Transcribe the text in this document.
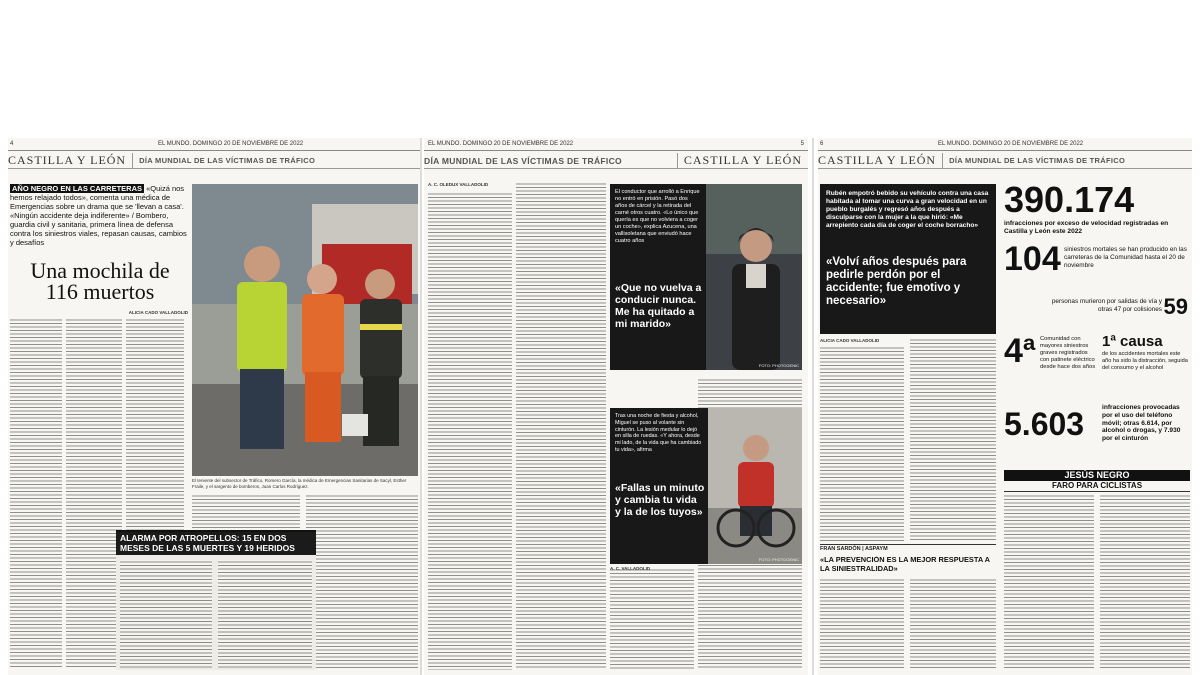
4	EL MUNDO. DOMINGO 20 DE NOVIEMBRE DE 2022
CASTILLA Y LEÓN	DÍA MUNDIAL DE LAS VÍCTIMAS DE TRÁFICO
AÑO NEGRO EN LAS CARRETERAS «Quizá nos hemos relajado todos», comenta una médica de Emergencias sobre un drama que se 'llevan a casa'. «Ningún accidente deja indiferente» / Bombero, guardia civil y sanitaria, primera línea de defensa contra los siniestros viales, repasan causas, cambios y desafíos
Una mochila de 116 muertos
ALICIA CADO VALLADOLID
El teniente del subsector de Tráfico, Romero García, la médica de Emergencias Sanitarias de Sacyl, Esther Fraile, y el sargento de bomberos, Juan Carlos Rodríguez.
ALARMA POR ATROPELLOS: 15 EN DOS MESES DE LAS 5 MUERTES Y 19 HERIDOS
EL MUNDO. DOMINGO 20 DE NOVIEMBRE DE 2022	5
DÍA MUNDIAL DE LAS VÍCTIMAS DE TRÁFICO	CASTILLA Y LEÓN
A. C. OLEDUX VALLADOLID
El conductor que arrolló a Enrique no entró en prisión. Pasó dos años de cárcel y la retirada del carné otros cuatro. «Lo único que quería es que no volviera a coger un coche», explica Azucena, una vallisoletana que enviudó hace cuatro años
«Que no vuelva a conducir nunca. Me ha quitado a mi marido»
FOTO: PHOTOGENIC
Tras una noche de fiesta y alcohol, Miguel se puso al volante sin cinturón. La lesión medular lo dejó en silla de ruedas. «Y ahora, desde mi lado, de la vida que ha cambiado tu vida», afirma
«Fallas un minuto y cambia tu vida y la de los tuyos»
FOTO: PHOTOGENIC
A. C. VALLADOLID
6	EL MUNDO. DOMINGO 20 DE NOVIEMBRE DE 2022
CASTILLA Y LEÓN	DÍA MUNDIAL DE LAS VÍCTIMAS DE TRÁFICO
Rubén empotró bebido su vehículo contra una casa habitada al tomar una curva a gran velocidad en un pueblo burgalés y regresó años después a disculparse con la mujer a la que hirió: «Me arrepiento cada día de coger el coche borracho»
«Volví años después para pedirle perdón por el accidente; fue emotivo y necesario»
ALICIA CADO VALLADOLID
FRAN SARDÓN | ASPAYM
«LA PREVENCIÓN ES LA MEJOR RESPUESTA A LA SINIESTRALIDAD»
390.174
infracciones por exceso de velocidad registradas en Castilla y León este 2022
104 siniestros mortales se han producido en las carreteras de la Comunidad hasta el 20 de noviembre
personas murieron por salidas de vía y otras 47 por colisiones 59
4ª Comunidad con mayores siniestros graves registrados con patinete eléctrico desde hace dos años
1ª causa
de los accidentes mortales este año ha sido la distracción, seguida del consumo y el alcohol
5.603	infracciones provocadas por el uso del teléfono móvil; otras 6.614, por alcohol o drogas, y 7.930 por el cinturón
JESÚS NEGRO
FARO PARA CICLISTAS
